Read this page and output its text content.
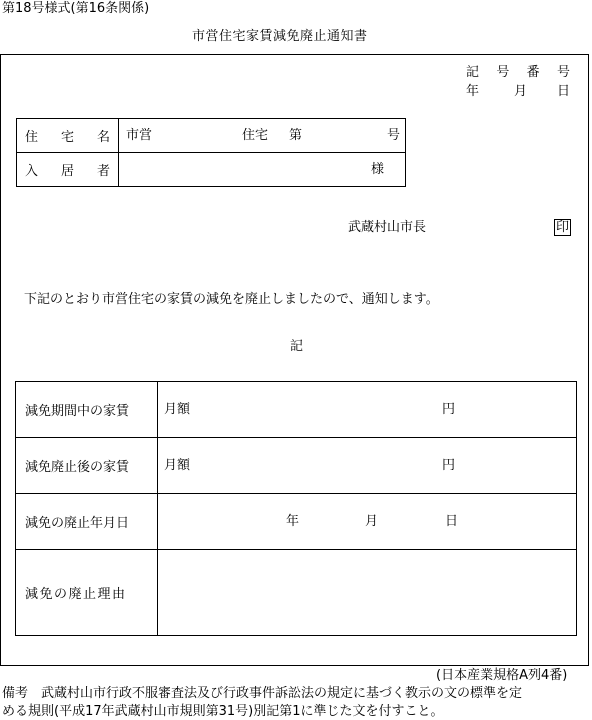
第18号様式(第16条関係)
市営住宅家賃減免廃止通知書
記 号 番 号
年	月 日
住 宅 名	市営 住宅 第 号

入 居 者	様
武蔵村山市長	印
下記のとおり市営住宅の家賃の減免を廃止しましたので、通知します。
記
減免期間中の家賃	月額 円

減免廃止後の家賃	月額 円

減免の廃止年月日	年 月 日

減免の廃止理由	
(日本産業規格A列4番)
備考　武蔵村山市行政不服審査法及び行政事件訴訟法の規定に基づく教示の文の標準を定
める規則(平成17年武蔵村山市規則第31号)別記第1に準じた文を付すこと。
